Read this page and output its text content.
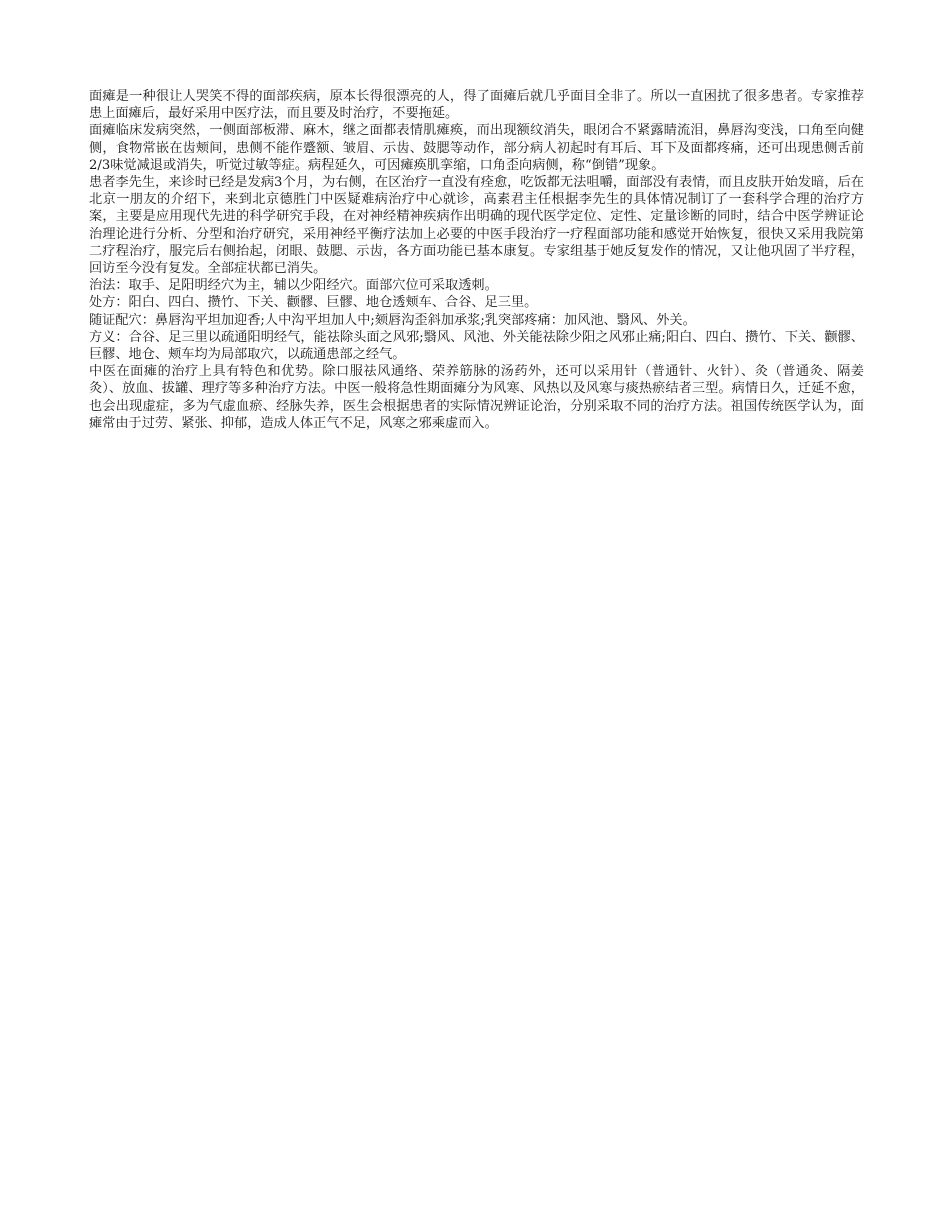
面瘫是一种很让人哭笑不得的面部疾病，原本长得很漂亮的人，得了面瘫后就几乎面目全非了。所以一直困扰了很多患者。专家推荐患上面瘫后，最好采用中医疗法，而且要及时治疗，不要拖延。

面瘫临床发病突然，一侧面部板滞、麻木，继之面都表情肌瘫痪，而出现额纹消失，眼闭合不紧露睛流泪，鼻唇沟变浅，口角至向健侧，食物常嵌在齿颊间，患侧不能作蹙额、皱眉、示齿、鼓腮等动作，部分病人初起时有耳后、耳下及面都疼痛，还可出现患侧舌前2/3味觉减退或消失，听觉过敏等症。病程延久，可因瘫痪肌挛缩，口角歪向病侧，称“倒错”现象。

患者李先生，来诊时已经是发病3个月，为右侧，在区治疗一直没有痊愈，吃饭都无法咀嚼，面部没有表情，而且皮肤开始发暗，后在北京一朋友的介绍下，来到北京德胜门中医疑难病治疗中心就诊，高素君主任根据李先生的具体情况制订了一套科学合理的治疗方案，主要是应用现代先进的科学研究手段，在对神经精神疾病作出明确的现代医学定位、定性、定量诊断的同时，结合中医学辨证论治理论进行分析、分型和治疗研究，采用神经平衡疗法加上必要的中医手段治疗一疗程面部功能和感觉开始恢复，很快又采用我院第二疗程治疗，服完后右侧抬起，闭眼、鼓腮、示齿，各方面功能已基本康复。专家组基于她反复发作的情况，又让他巩固了半疗程，回访至今没有复发。全部症状都已消失。

治法：取手、足阳明经穴为主，辅以少阳经穴。面部穴位可采取透刺。

处方：阳白、四白、攒竹、下关、颧髎、巨髎、地仓透颊车、合谷、足三里。

随证配穴：鼻唇沟平坦加迎香;人中沟平坦加人中;颏唇沟歪斜加承浆;乳突部疼痛：加风池、翳风、外关。

方义：合谷、足三里以疏通阳明经气，能祛除头面之风邪;翳风、风池、外关能祛除少阳之风邪止痛;阳白、四白、攒竹、下关、颧髎、巨髎、地仓、颊车均为局部取穴，以疏通患部之经气。

中医在面瘫的治疗上具有特色和优势。除口服祛风通络、荣养筋脉的汤药外，还可以采用针（普通针、火针）、灸（普通灸、隔姜灸）、放血、拔罐、理疗等多种治疗方法。中医一般将急性期面瘫分为风寒、风热以及风寒与痰热瘀结者三型。病情日久，迁延不愈，也会出现虚症，多为气虚血瘀、经脉失养，医生会根据患者的实际情况辨证论治，分别采取不同的治疗方法。祖国传统医学认为，面瘫常由于过劳、紧张、抑郁，造成人体正气不足，风寒之邪乘虚而入。
